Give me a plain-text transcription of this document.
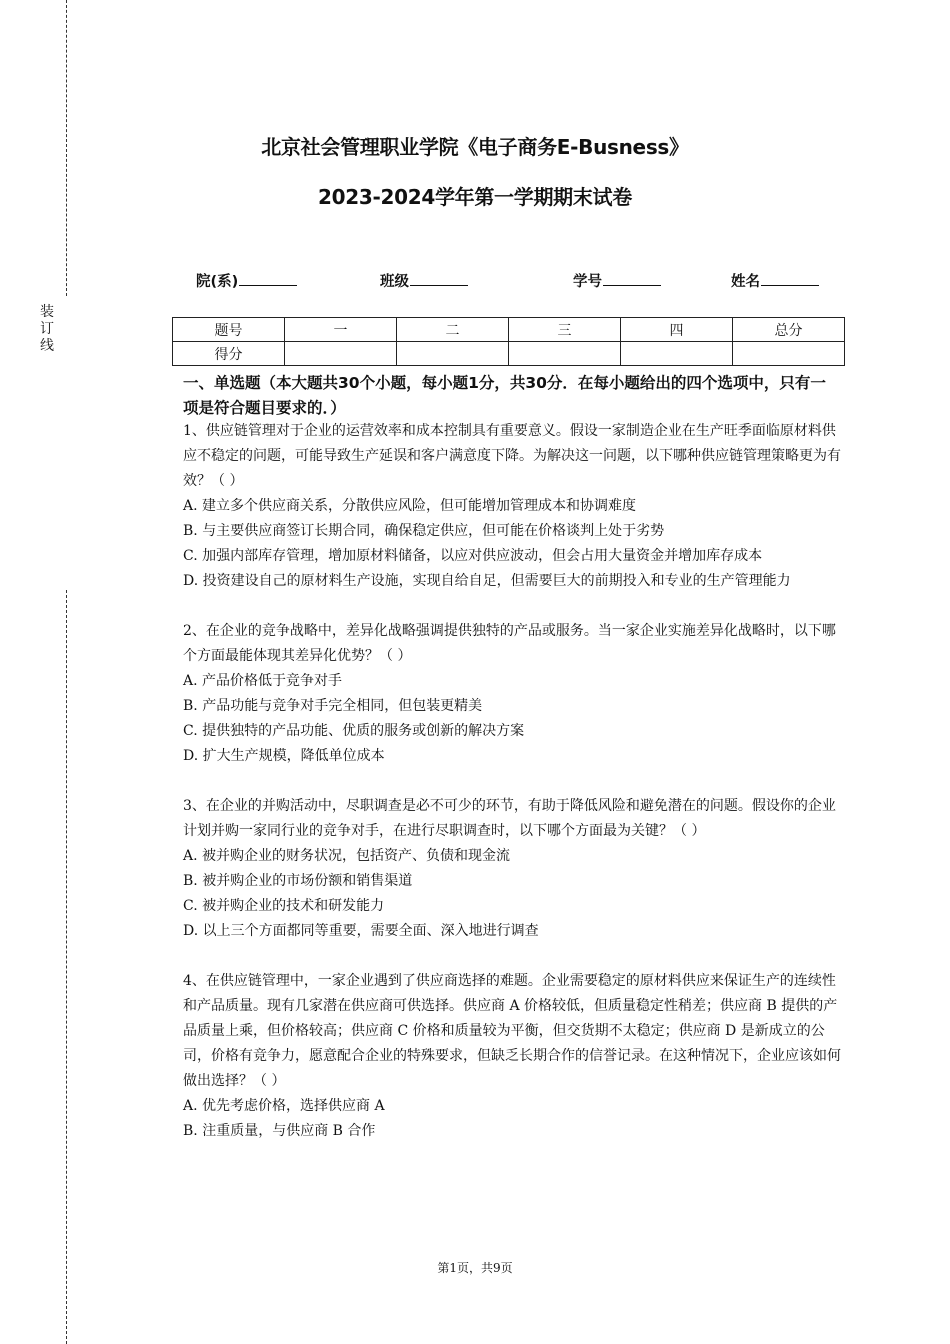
装订线
北京社会管理职业学院《电子商务E-Busness》
2023-2024学年第一学期期末试卷
院(系)	班级	学号	姓名
题号	一	二	三	四	总分
得分					
一、单选题（本大题共30个小题，每小题1分，共30分．在每小题给出的四个选项中，只有一项是符合题目要求的．）

1、供应链管理对于企业的运营效率和成本控制具有重要意义。假设一家制造企业在生产旺季面临原材料供应不稳定的问题，可能导致生产延误和客户满意度下降。为解决这一问题，以下哪种供应链管理策略更为有效？（ ）

A. 建立多个供应商关系，分散供应风险，但可能增加管理成本和协调难度

B. 与主要供应商签订长期合同，确保稳定供应，但可能在价格谈判上处于劣势

C. 加强内部库存管理，增加原材料储备，以应对供应波动，但会占用大量资金并增加库存成本

D. 投资建设自己的原材料生产设施，实现自给自足，但需要巨大的前期投入和专业的生产管理能力

2、在企业的竞争战略中，差异化战略强调提供独特的产品或服务。当一家企业实施差异化战略时，以下哪个方面最能体现其差异化优势？（ ）

A. 产品价格低于竞争对手

B. 产品功能与竞争对手完全相同，但包装更精美

C. 提供独特的产品功能、优质的服务或创新的解决方案

D. 扩大生产规模，降低单位成本

3、在企业的并购活动中，尽职调查是必不可少的环节，有助于降低风险和避免潜在的问题。假设你的企业计划并购一家同行业的竞争对手，在进行尽职调查时，以下哪个方面最为关键？（ ）

A. 被并购企业的财务状况，包括资产、负债和现金流

B. 被并购企业的市场份额和销售渠道

C. 被并购企业的技术和研发能力

D. 以上三个方面都同等重要，需要全面、深入地进行调查

4、在供应链管理中，一家企业遇到了供应商选择的难题。企业需要稳定的原材料供应来保证生产的连续性和产品质量。现有几家潜在供应商可供选择。供应商 A 价格较低，但质量稳定性稍差；供应商 B 提供的产品质量上乘，但价格较高；供应商 C 价格和质量较为平衡，但交货期不太稳定；供应商 D 是新成立的公司，价格有竞争力，愿意配合企业的特殊要求，但缺乏长期合作的信誉记录。在这种情况下，企业应该如何做出选择？（ ）

A. 优先考虑价格，选择供应商 A

B. 注重质量，与供应商 B 合作

第1页，共9页
